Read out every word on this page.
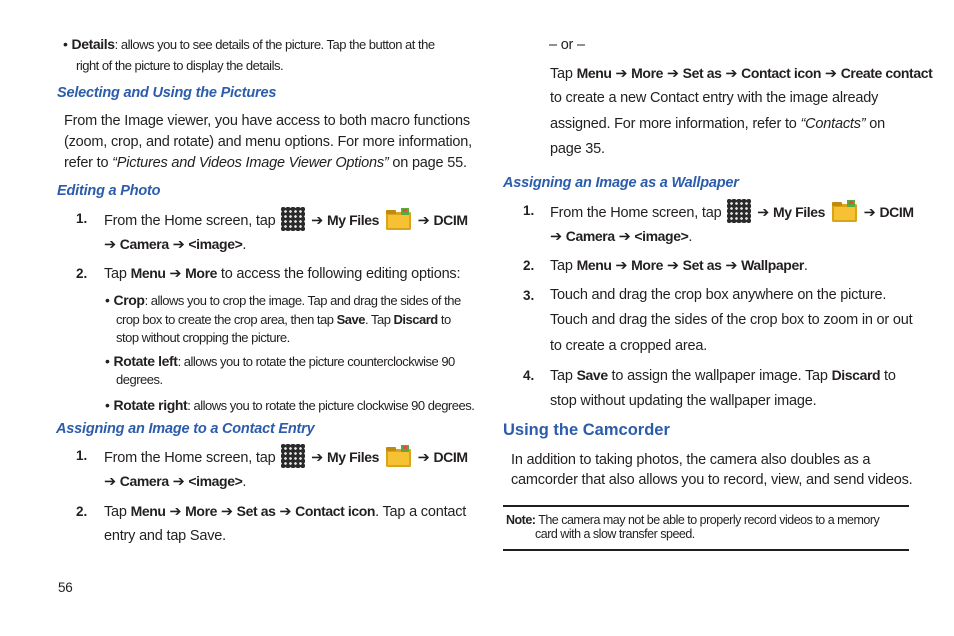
• Details: allows you to see details of the picture. Tap the button at the
right of the picture to display the details.
Selecting and Using the Pictures
From the Image viewer, you have access to both macro functions
(zoom, crop, and rotate) and menu options. For more information,
refer to “Pictures and Videos Image Viewer Options” on page 55.
Editing a Photo
1. From the Home screen, tap  ➔ My Files
➔ DCIM
➔ Camera ➔ <image>.
2. Tap Menu ➔ More to access the following editing options:
• Crop: allows you to crop the image. Tap and drag the sides of the
crop box to create the crop area, then tap Save. Tap Discard to
stop without cropping the picture.
• Rotate left: allows you to rotate the picture counterclockwise 90
degrees.
• Rotate right: allows you to rotate the picture clockwise 90 degrees.
Assigning an Image to a Contact Entry
1. From the Home screen, tap  ➔ My Files
➔ DCIM
➔ Camera ➔ <image>.
2. Tap Menu ➔ More ➔ Set as ➔ Contact icon. Tap a contact
entry and tap Save.
56
– or –
Tap Menu ➔ More ➔ Set as ➔ Contact icon ➔ Create contact
to create a new Contact entry with the image already
assigned. For more information, refer to “Contacts” on
page 35.
Assigning an Image as a Wallpaper
1. From the Home screen, tap  ➔ My Files
➔ DCIM
➔ Camera ➔ <image>.
2. Tap Menu ➔ More ➔ Set as ➔ Wallpaper.
3. Touch and drag the crop box anywhere on the picture.
Touch and drag the sides of the crop box to zoom in or out
to create a cropped area.
4. Tap Save to assign the wallpaper image. Tap Discard to
stop without updating the wallpaper image.
Using the Camcorder
In addition to taking photos, the camera also doubles as a
camcorder that also allows you to record, view, and send videos.
Note: The camera may not be able to properly record videos to a memory
card with a slow transfer speed.
